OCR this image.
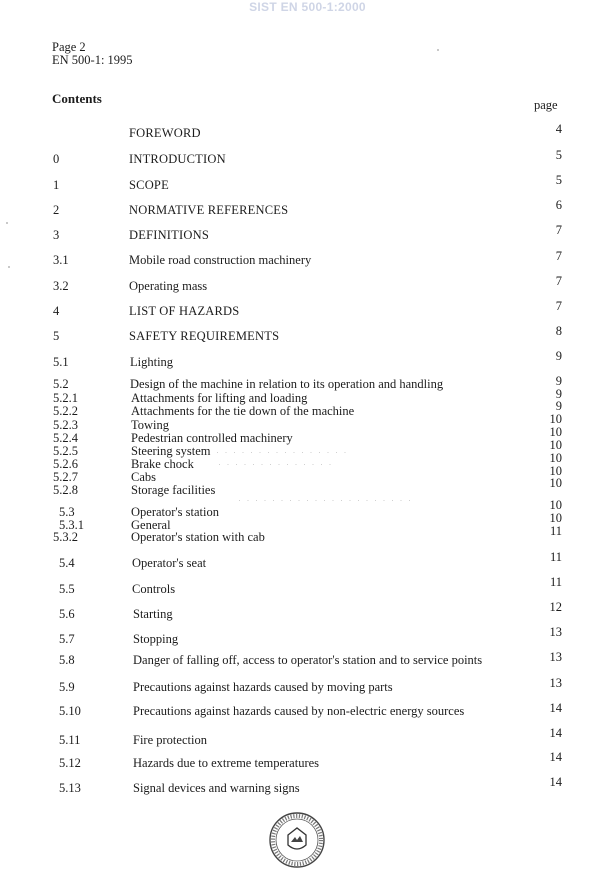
SIST EN 500-1:2000
Page 2
EN 500-1: 1995
Contents	page
FOREWORD	4
0	INTRODUCTION	5
1	SCOPE	5
2	NORMATIVE REFERENCES	6
3	DEFINITIONS	7
3.1	Mobile road construction machinery	7
3.2	Operating mass	7
4	LIST OF HAZARDS	7
5	SAFETY REQUIREMENTS	8
5.1	Lighting	9
5.2	Design of the machine in relation to its operation and handling	9
5.2.1	Attachments for lifting and loading	9
5.2.2	Attachments for the tie down of the machine	9
5.2.3	Towing	10
5.2.4	Pedestrian controlled machinery	10
5.2.5	Steering system	10
5.2.6	Brake chock	10
5.2.7	Cabs	10
5.2.8	Storage facilities	10
5.3	Operator's station	10
5.3.1	General	10
5.3.2	Operator's station with cab	11
5.4	Operator's seat	11
5.5	Controls	11
5.6	Starting	12
5.7	Stopping	13
5.8	Danger of falling off, access to operator's station and to service points	13
5.9	Precautions against hazards caused by moving parts	13
5.10	Precautions against hazards caused by non-electric energy sources	14
5.11	Fire protection	14
5.12	Hazards due to extreme temperatures	14
5.13	Signal devices and warning signs	14
· · · · · · · · · · · · · · · ·
· · · · · · · · · · · · · ·
· · · · · · · · · · · · · · · · · · · · ·
